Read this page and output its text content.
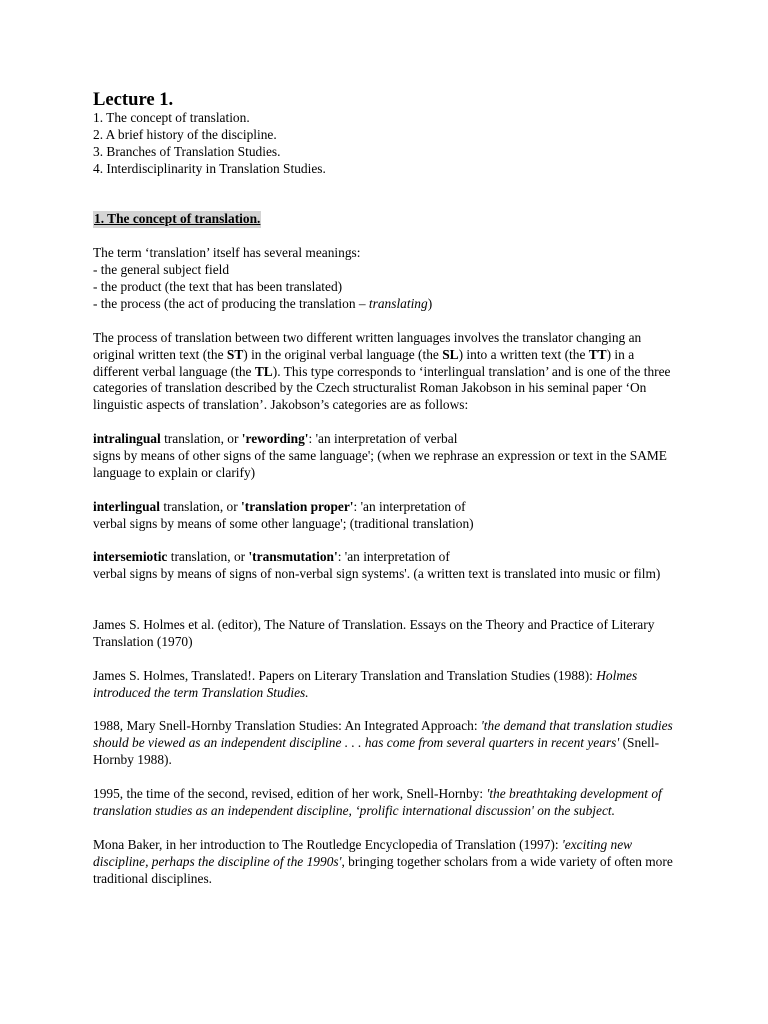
Lecture 1.
1. The concept of translation.
2. A brief history of the discipline.
3. Branches of Translation Studies.
4. Interdisciplinarity in Translation Studies.

1. The concept of translation.

The term ‘translation’ itself has several meanings:
- the general subject field
- the product (the text that has been translated)
- the process (the act of producing the translation – translating)

The process of translation between two different written languages involves the translator changing an original written text (the ST) in the original verbal language (the SL) into a written text (the TT) in a different verbal language (the TL). This type corresponds to ‘interlingual translation’ and is one of the three categories of translation described by the Czech structuralist Roman Jakobson in his seminal paper ‘On linguistic aspects of translation’. Jakobson’s categories are as follows:

intralingual translation, or 'rewording': 'an interpretation of verbal
signs by means of other signs of the same language'; (when we rephrase an expression or text in the SAME language to explain or clarify)

interlingual translation, or 'translation proper': 'an interpretation of
verbal signs by means of some other language'; (traditional translation)

intersemiotic translation, or 'transmutation': 'an interpretation of
verbal signs by means of signs of non-verbal sign systems'. (a written text is translated into music or film)

James S. Holmes et al. (editor), The Nature of Translation. Essays on the Theory and Practice of Literary Translation (1970)

James S. Holmes, Translated!. Papers on Literary Translation and Translation Studies (1988): Holmes introduced the term Translation Studies.

1988, Mary Snell-Hornby Translation Studies: An Integrated Approach: 'the demand that translation studies should be viewed as an independent discipline . . . has come from several quarters in recent years' (Snell-Hornby 1988).

1995, the time of the second, revised, edition of her work, Snell-Hornby: 'the breathtaking development of translation studies as an independent discipline, ‘prolific international discussion' on the subject.

Mona Baker, in her introduction to The Routledge Encyclopedia of Translation (1997): 'exciting new discipline, perhaps the discipline of the 1990s', bringing together scholars from a wide variety of often more traditional disciplines.
